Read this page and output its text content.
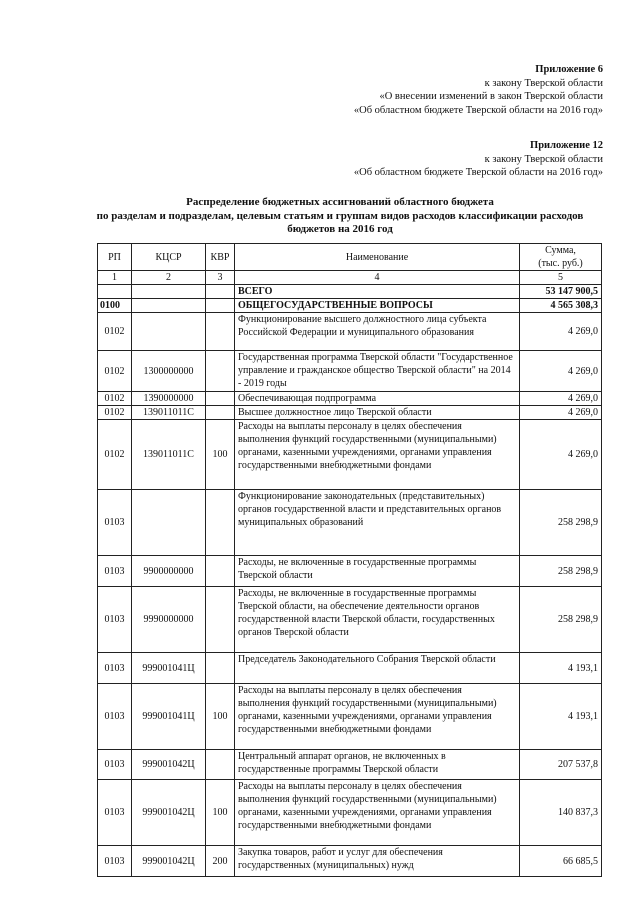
Приложение 6
к закону Тверской области
«О внесении изменений в закон Тверской области
«Об областном бюджете Тверской области на 2016 год»
Приложение 12
к закону Тверской области
«Об областном бюджете Тверской области на 2016 год»
Распределение бюджетных ассигнований областного бюджета
по разделам и подразделам, целевым статьям и группам видов расходов классификации расходов
бюджетов на 2016 год
РП	КЦСР	КВР	Наименование	Сумма,
(тыс. руб.)

1	2	3	4	5
			ВСЕГО	53 147 900,5
0100			ОБЩЕГОСУДАРСТВЕННЫЕ ВОПРОСЫ	4 565 308,3
0102			Функционирование высшего должностного лица субъекта Российской Федерации и муниципального образования	4 269,0
0102	1300000000		Государственная программа Тверской области "Государственное управление и гражданское общество Тверской области" на 2014 - 2019 годы	4 269,0
0102	1390000000		Обеспечивающая подпрограмма	4 269,0
0102	139011011С		Высшее должностное лицо Тверской области	4 269,0
0102	139011011С	100	Расходы на выплаты персоналу в целях обеспечения выполнения функций государственными (муниципальными) органами, казенными учреждениями, органами управления государственными внебюджетными фондами	4 269,0
0103			Функционирование законодательных (представительных) органов государственной власти и представительных органов муниципальных образований	258 298,9
0103	9900000000		Расходы, не включенные в государственные программы Тверской области	258 298,9
0103	9990000000		Расходы, не включенные в государственные программы Тверской области, на обеспечение деятельности органов государственной власти Тверской области, государственных органов Тверской области	258 298,9
0103	999001041Ц		Председатель Законодательного Собрания Тверской области	4 193,1
0103	999001041Ц	100	Расходы на выплаты персоналу в целях обеспечения выполнения функций государственными (муниципальными) органами, казенными учреждениями, органами управления государственными внебюджетными фондами	4 193,1
0103	999001042Ц		Центральный аппарат органов, не включенных в государственные программы Тверской области	207 537,8
0103	999001042Ц	100	Расходы на выплаты персоналу в целях обеспечения выполнения функций государственными (муниципальными) органами, казенными учреждениями, органами управления государственными внебюджетными фондами	140 837,3
0103	999001042Ц	200	Закупка товаров, работ и услуг для обеспечения государственных (муниципальных) нужд	66 685,5
